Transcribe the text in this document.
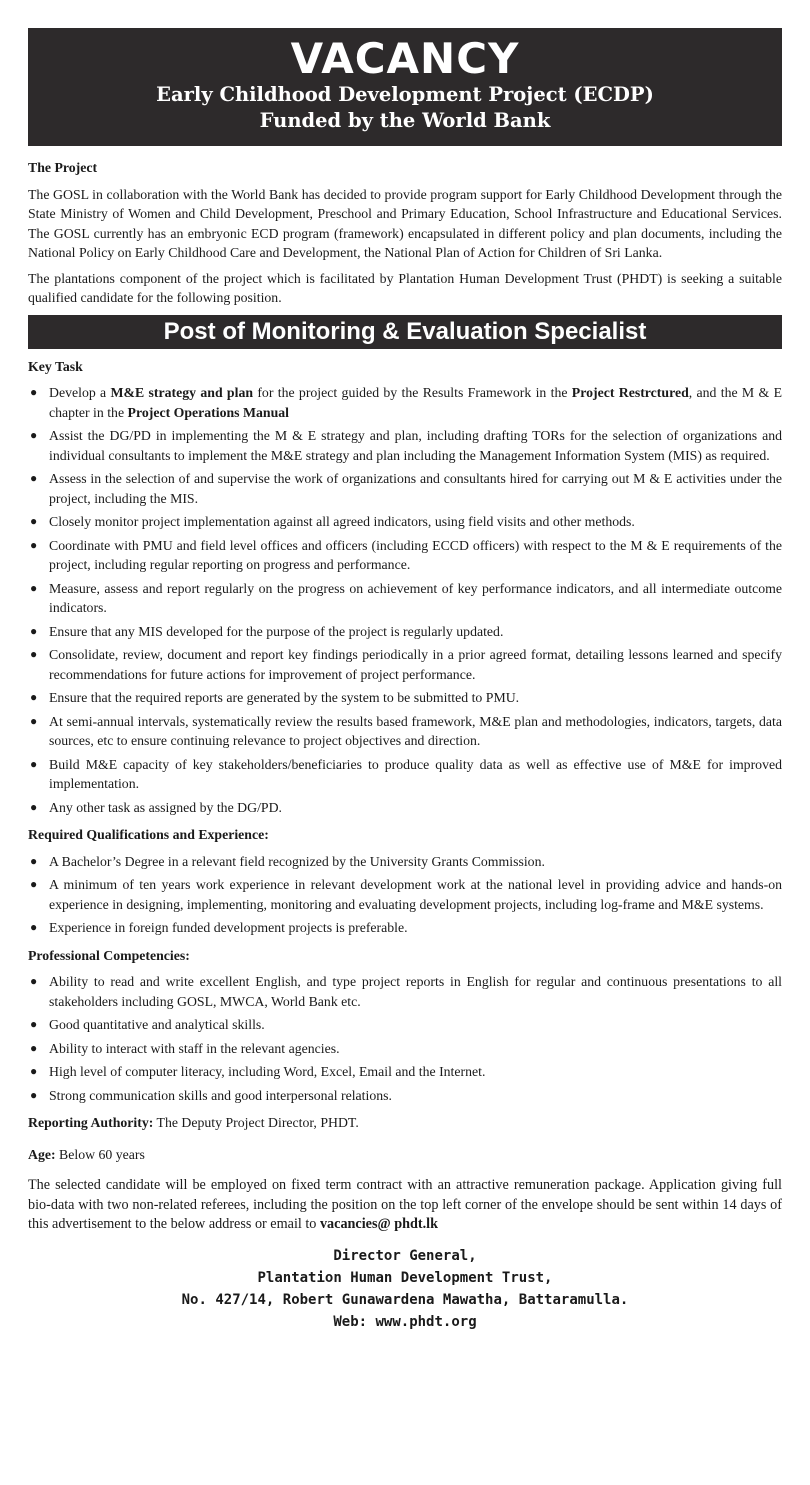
VACANCY
Early Childhood Development Project (ECDP)
Funded by the World Bank
The Project

The GOSL in collaboration with the World Bank has decided to provide program support for Early Childhood Development through the State Ministry of Women and Child Development, Preschool and Primary Education, School Infrastructure and Educational Services. The GOSL currently has an embryonic ECD program (framework) encapsulated in different policy and plan documents, including the National Policy on Early Childhood Care and Development, the National Plan of Action for Children of Sri Lanka.

The plantations component of the project which is facilitated by Plantation Human Development Trust (PHDT) is seeking a suitable qualified candidate for the following position.

Post of Monitoring & Evaluation Specialist
Key Task
● Develop a M&E strategy and plan for the project guided by the Results Framework in the Project Restrctured, and the M & E chapter in the Project Operations Manual
● Assist the DG/PD in implementing the M & E strategy and plan, including drafting TORs for the selection of organizations and individual consultants to implement the M&E strategy and plan including the Management Information System (MIS) as required.
● Assess in the selection of and supervise the work of organizations and consultants hired for carrying out M & E activities under the project, including the MIS.
● Closely monitor project implementation against all agreed indicators, using field visits and other methods.
● Coordinate with PMU and field level offices and officers (including ECCD officers) with respect to the M & E requirements of the project, including regular reporting on progress and performance.
● Measure, assess and report regularly on the progress on achievement of key performance indicators, and all intermediate outcome indicators.
● Ensure that any MIS developed for the purpose of the project is regularly updated.
● Consolidate, review, document and report key findings periodically in a prior agreed format, detailing lessons learned and specify recommendations for future actions for improvement of project performance.
● Ensure that the required reports are generated by the system to be submitted to PMU.
● At semi-annual intervals, systematically review the results based framework, M&E plan and methodologies, indicators, targets, data sources, etc to ensure continuing relevance to project objectives and direction.
● Build M&E capacity of key stakeholders/beneficiaries to produce quality data as well as effective use of M&E for improved implementation.
● Any other task as assigned by the DG/PD.
Required Qualifications and Experience:
● A Bachelor’s Degree in a relevant field recognized by the University Grants Commission.
● A minimum of ten years work experience in relevant development work at the national level in providing advice and hands-on experience in designing, implementing, monitoring and evaluating development projects, including log-frame and M&E systems.
● Experience in foreign funded development projects is preferable.
Professional Competencies:
● Ability to read and write excellent English, and type project reports in English for regular and continuous presentations to all stakeholders including GOSL, MWCA, World Bank etc.
● Good quantitative and analytical skills.
● Ability to interact with staff in the relevant agencies.
● High level of computer literacy, including Word, Excel, Email and the Internet.
● Strong communication skills and good interpersonal relations.

Reporting Authority: The Deputy Project Director, PHDT.

Age: Below 60 years

The selected candidate will be employed on fixed term contract with an attractive remuneration package. Application giving full bio-data with two non-related referees, including the position on the top left corner of the envelope should be sent within 14 days of this advertisement to the below address or email to vacancies@ phdt.lk

Director General,
Plantation Human Development Trust,
No. 427/14, Robert Gunawardena Mawatha, Battaramulla.
Web: www.phdt.org
